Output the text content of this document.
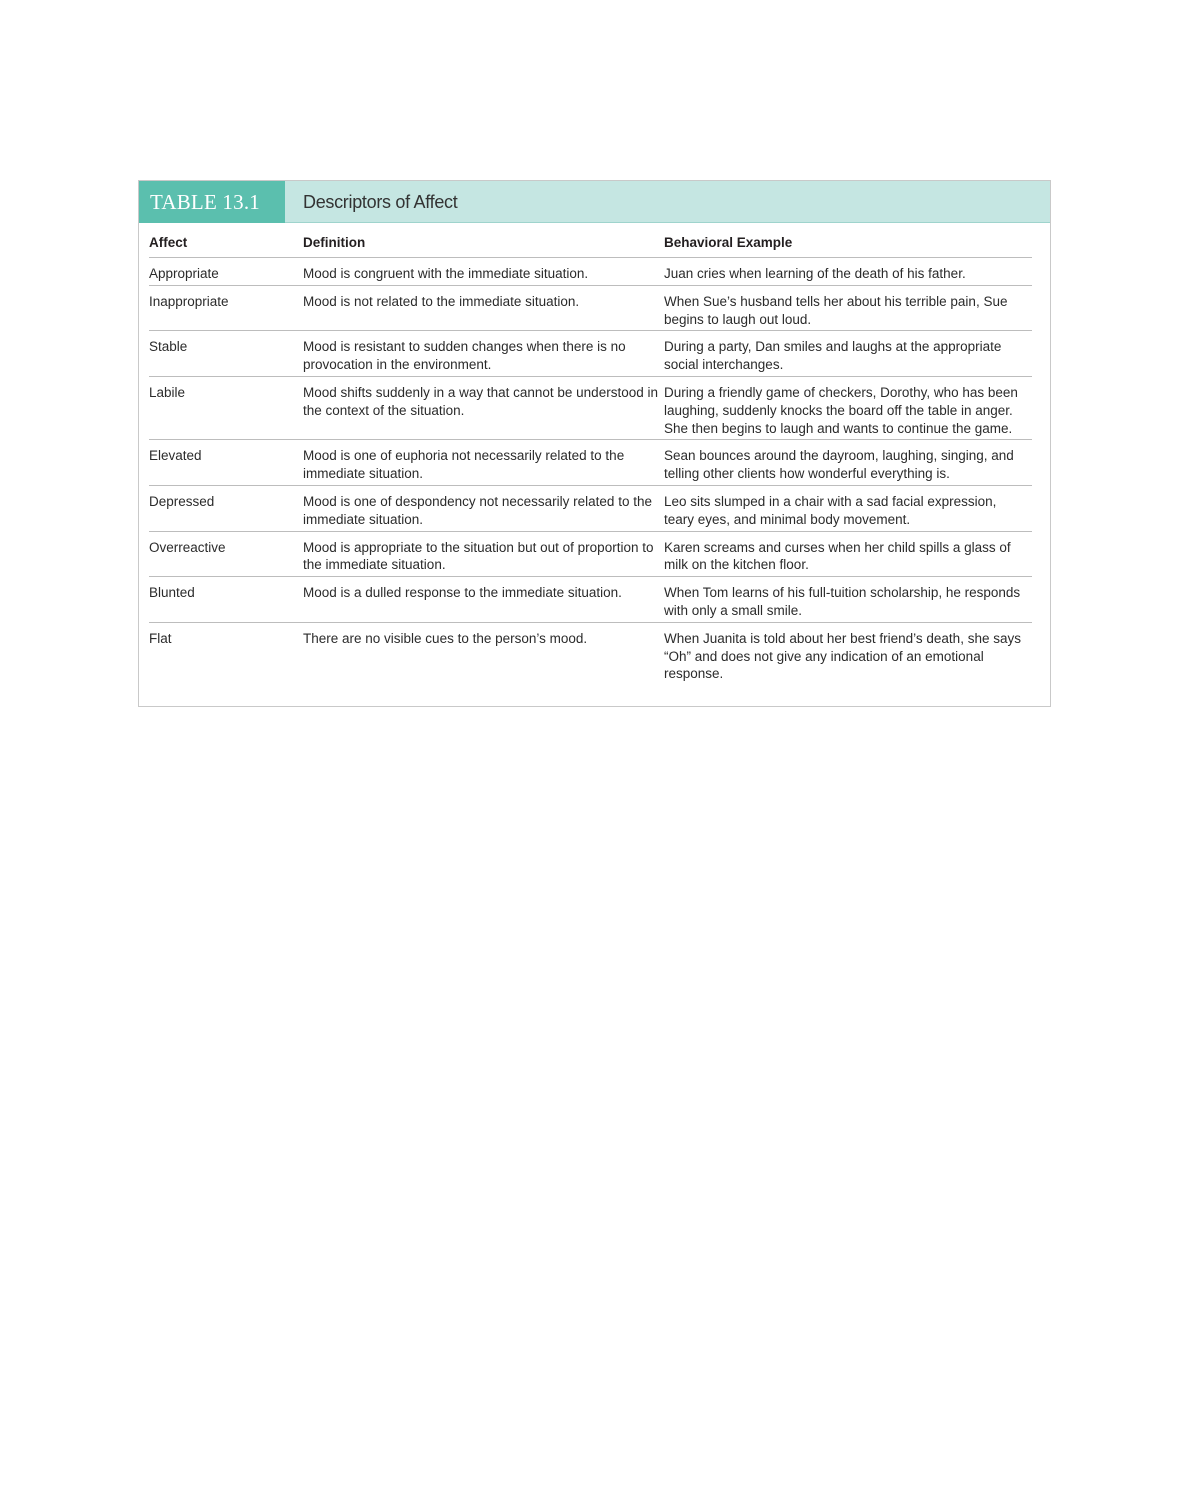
TABLE 13.1	Descriptors of Affect
Affect	Definition	Behavioral Example
Appropriate	Mood is congruent with the immediate situation.	Juan cries when learning of the death of his father.
Inappropriate	Mood is not related to the immediate situation.	When Sue’s husband tells her about his terrible pain, Sue begins to laugh out loud.
Stable	Mood is resistant to sudden changes when there is no provocation in the environment.	During a party, Dan smiles and laughs at the appropriate social interchanges.
Labile	Mood shifts suddenly in a way that cannot be understood in the context of the situation.	During a friendly game of checkers, Dorothy, who has been laughing, suddenly knocks the board off the table in anger. She then begins to laugh and wants to continue the game.
Elevated	Mood is one of euphoria not necessarily related to the immediate situation.	Sean bounces around the dayroom, laughing, singing, and telling other clients how wonderful everything is.
Depressed	Mood is one of despondency not necessarily related to the immediate situation.	Leo sits slumped in a chair with a sad facial expression, teary eyes, and minimal body movement.
Overreactive	Mood is appropriate to the situation but out of proportion to the immediate situation.	Karen screams and curses when her child spills a glass of milk on the kitchen floor.
Blunted	Mood is a dulled response to the immediate situation.	When Tom learns of his full-tuition scholarship, he responds with only a small smile.
Flat	There are no visible cues to the person’s mood.	When Juanita is told about her best friend’s death, she says “Oh” and does not give any indication of an emotional response.
